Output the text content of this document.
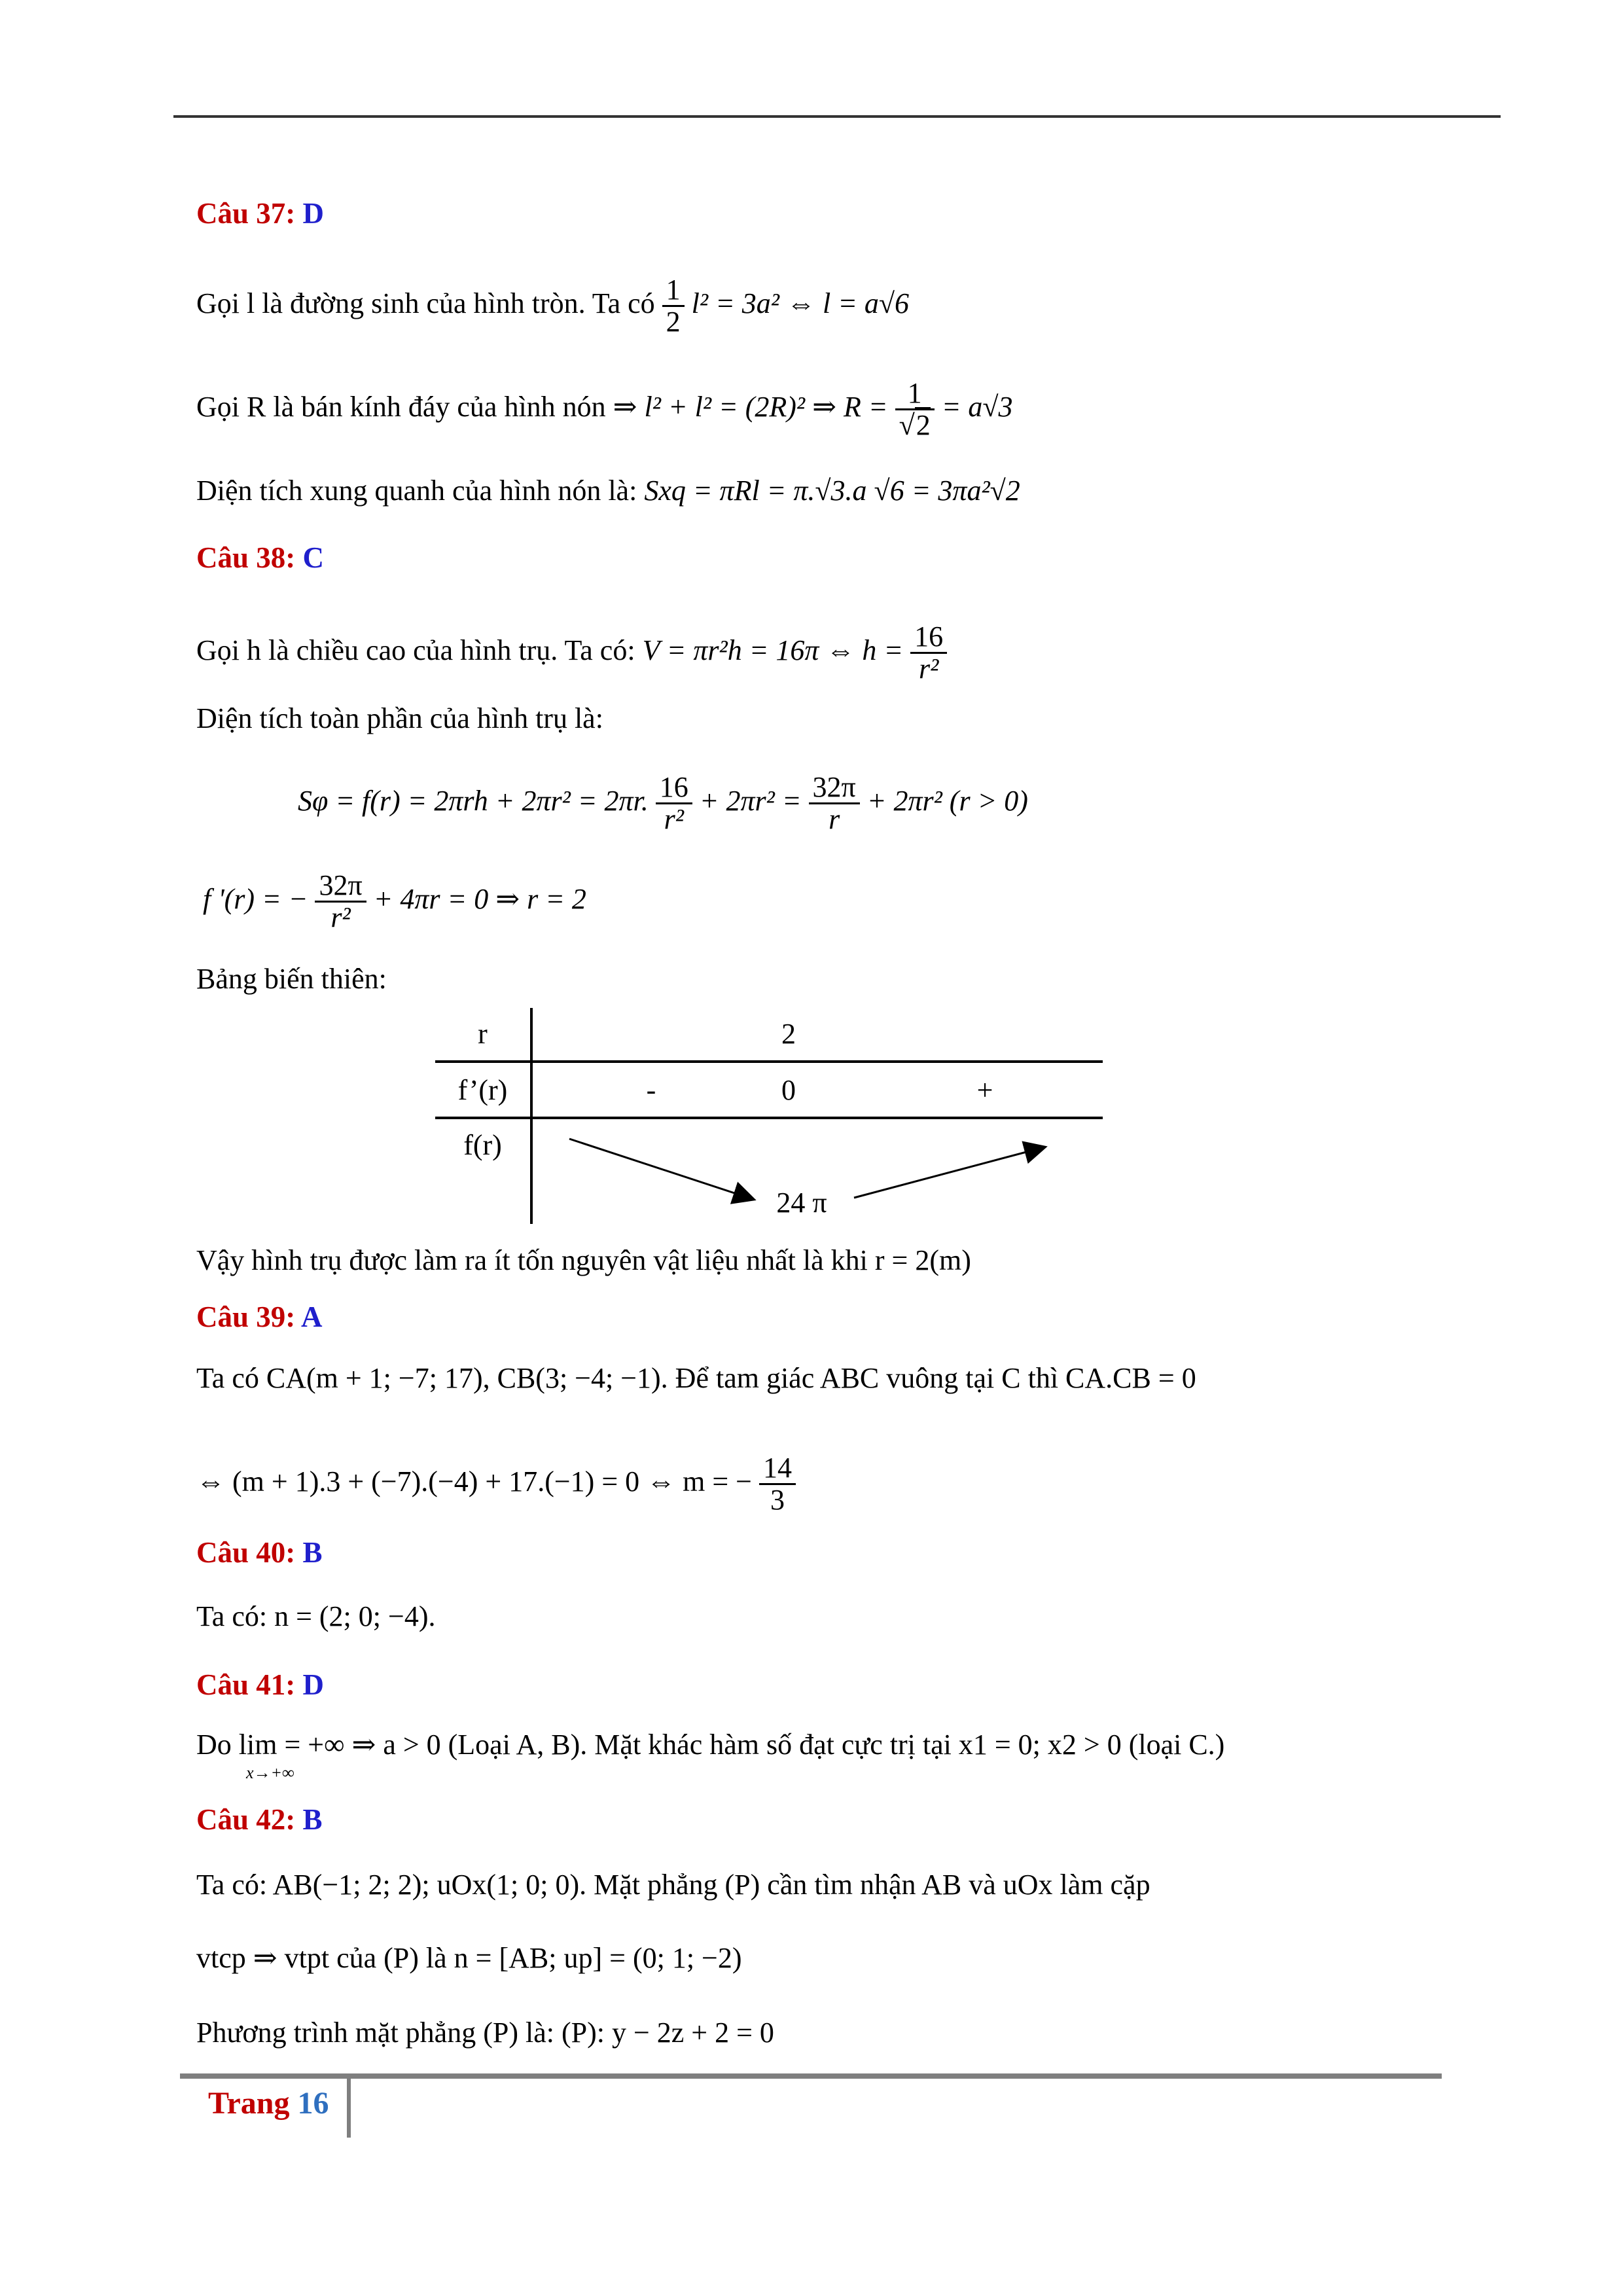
Câu 37: D
Gọi l là đường sinh của hình tròn. Ta có $\frac{1}{2} l^2 = 3a^2$ ⇔ l = a√6
Gọi R là bán kính đáy của hình nón ⇒ l² + l² = (2R)² ⇒ $R = \frac{1}{√2} = a√3$
Diện tích xung quanh của hình nón là: Sxq = πRl = π.√3.a √6 = 3πa²√2
Câu 38: C
Gọi h là chiều cao của hình trụ. Ta có: V = πr²h = 16π ⇔ $h = \frac{16}{\text{r²}}$
Diện tích toàn phần của hình trụ là:
Sφ = f(r) = 2πrh + 2πr² = 2πr. $\frac{16}{\text{r²}} + 2\pi r^2 = \frac{32\pi}{r} + 2\pi r^2$ (r > 0)
f '(r) = − $\frac{32\pi}{\text{r²}} + 4\pi r = 0$ ⇒ r = 2
Bảng biến thiên:
r	2
f’(r)	-	0	+
f(r)
24 π
Vậy hình trụ được làm ra ít tốn nguyên vật liệu nhất là khi r = 2(m)
Câu 39: A
Ta có CA(m + 1; −7; 17), CB(3; −4; −1). Để tam giác ABC vuông tại C thì CA.CB = 0
⇔ (m + 1).3 + (−7).(−4) + 17.(−1) = 0 ⇔ m = − $\frac{14}{3}$
Câu 40: B
Ta có: n = (2; 0; −4).
Câu 41: D
Do lim = +∞ ⇒ a > 0 (Loại A, B). Mặt khác hàm số đạt cực trị tại x1 = 0; x2 > 0 (loại C.)
x→+∞
Câu 42: B
Ta có: AB(−1; 2; 2); uOx(1; 0; 0). Mặt phẳng (P) cần tìm nhận AB và uOx làm cặp
vtcp ⇒ vtpt của (P) là n = [AB; up] = (0; 1; −2)
Phương trình mặt phẳng (P) là: (P): y − 2z + 2 = 0
Trang 16
